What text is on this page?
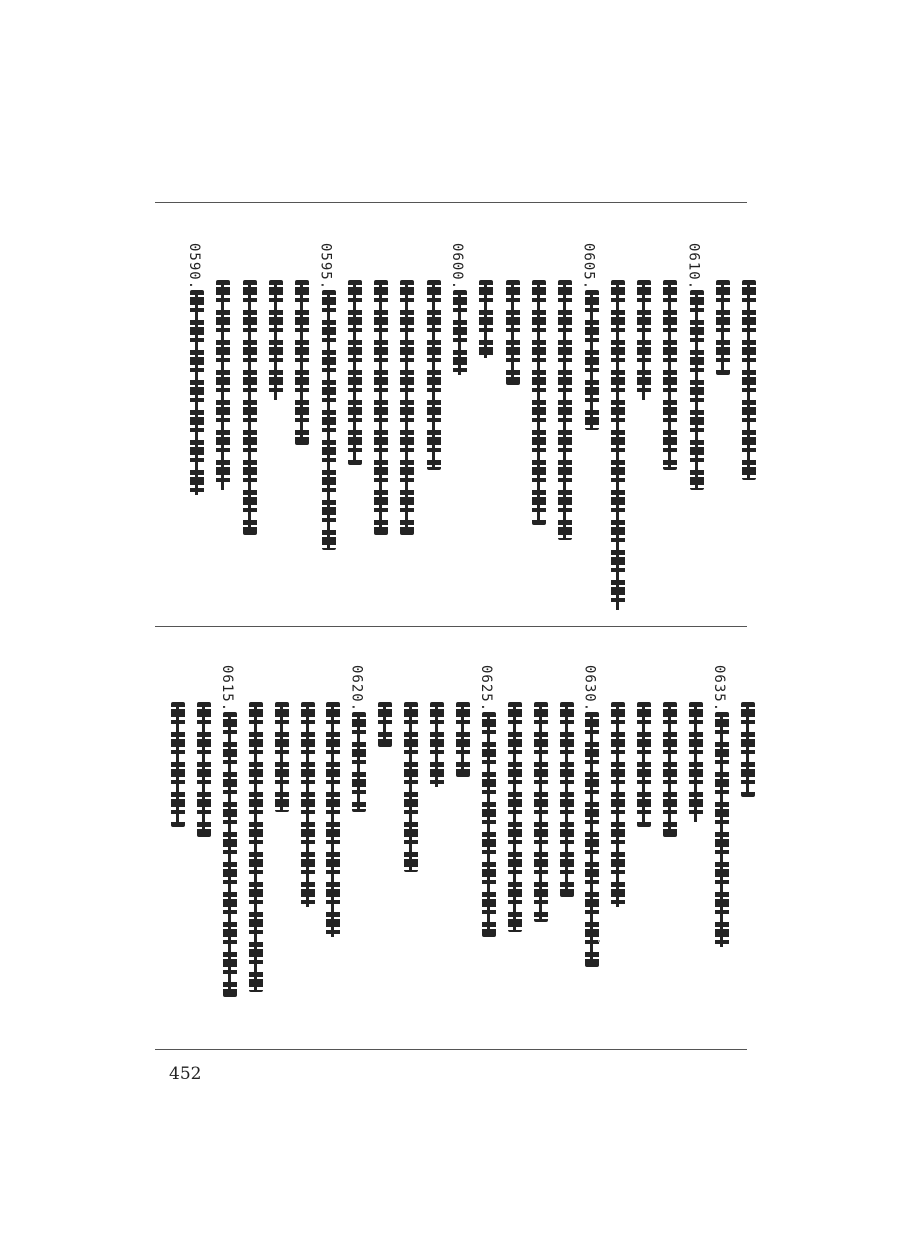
0590.	0595.	0600.	0605.	0610.
0615.	0620.	0625.	0630.	0635.
452
